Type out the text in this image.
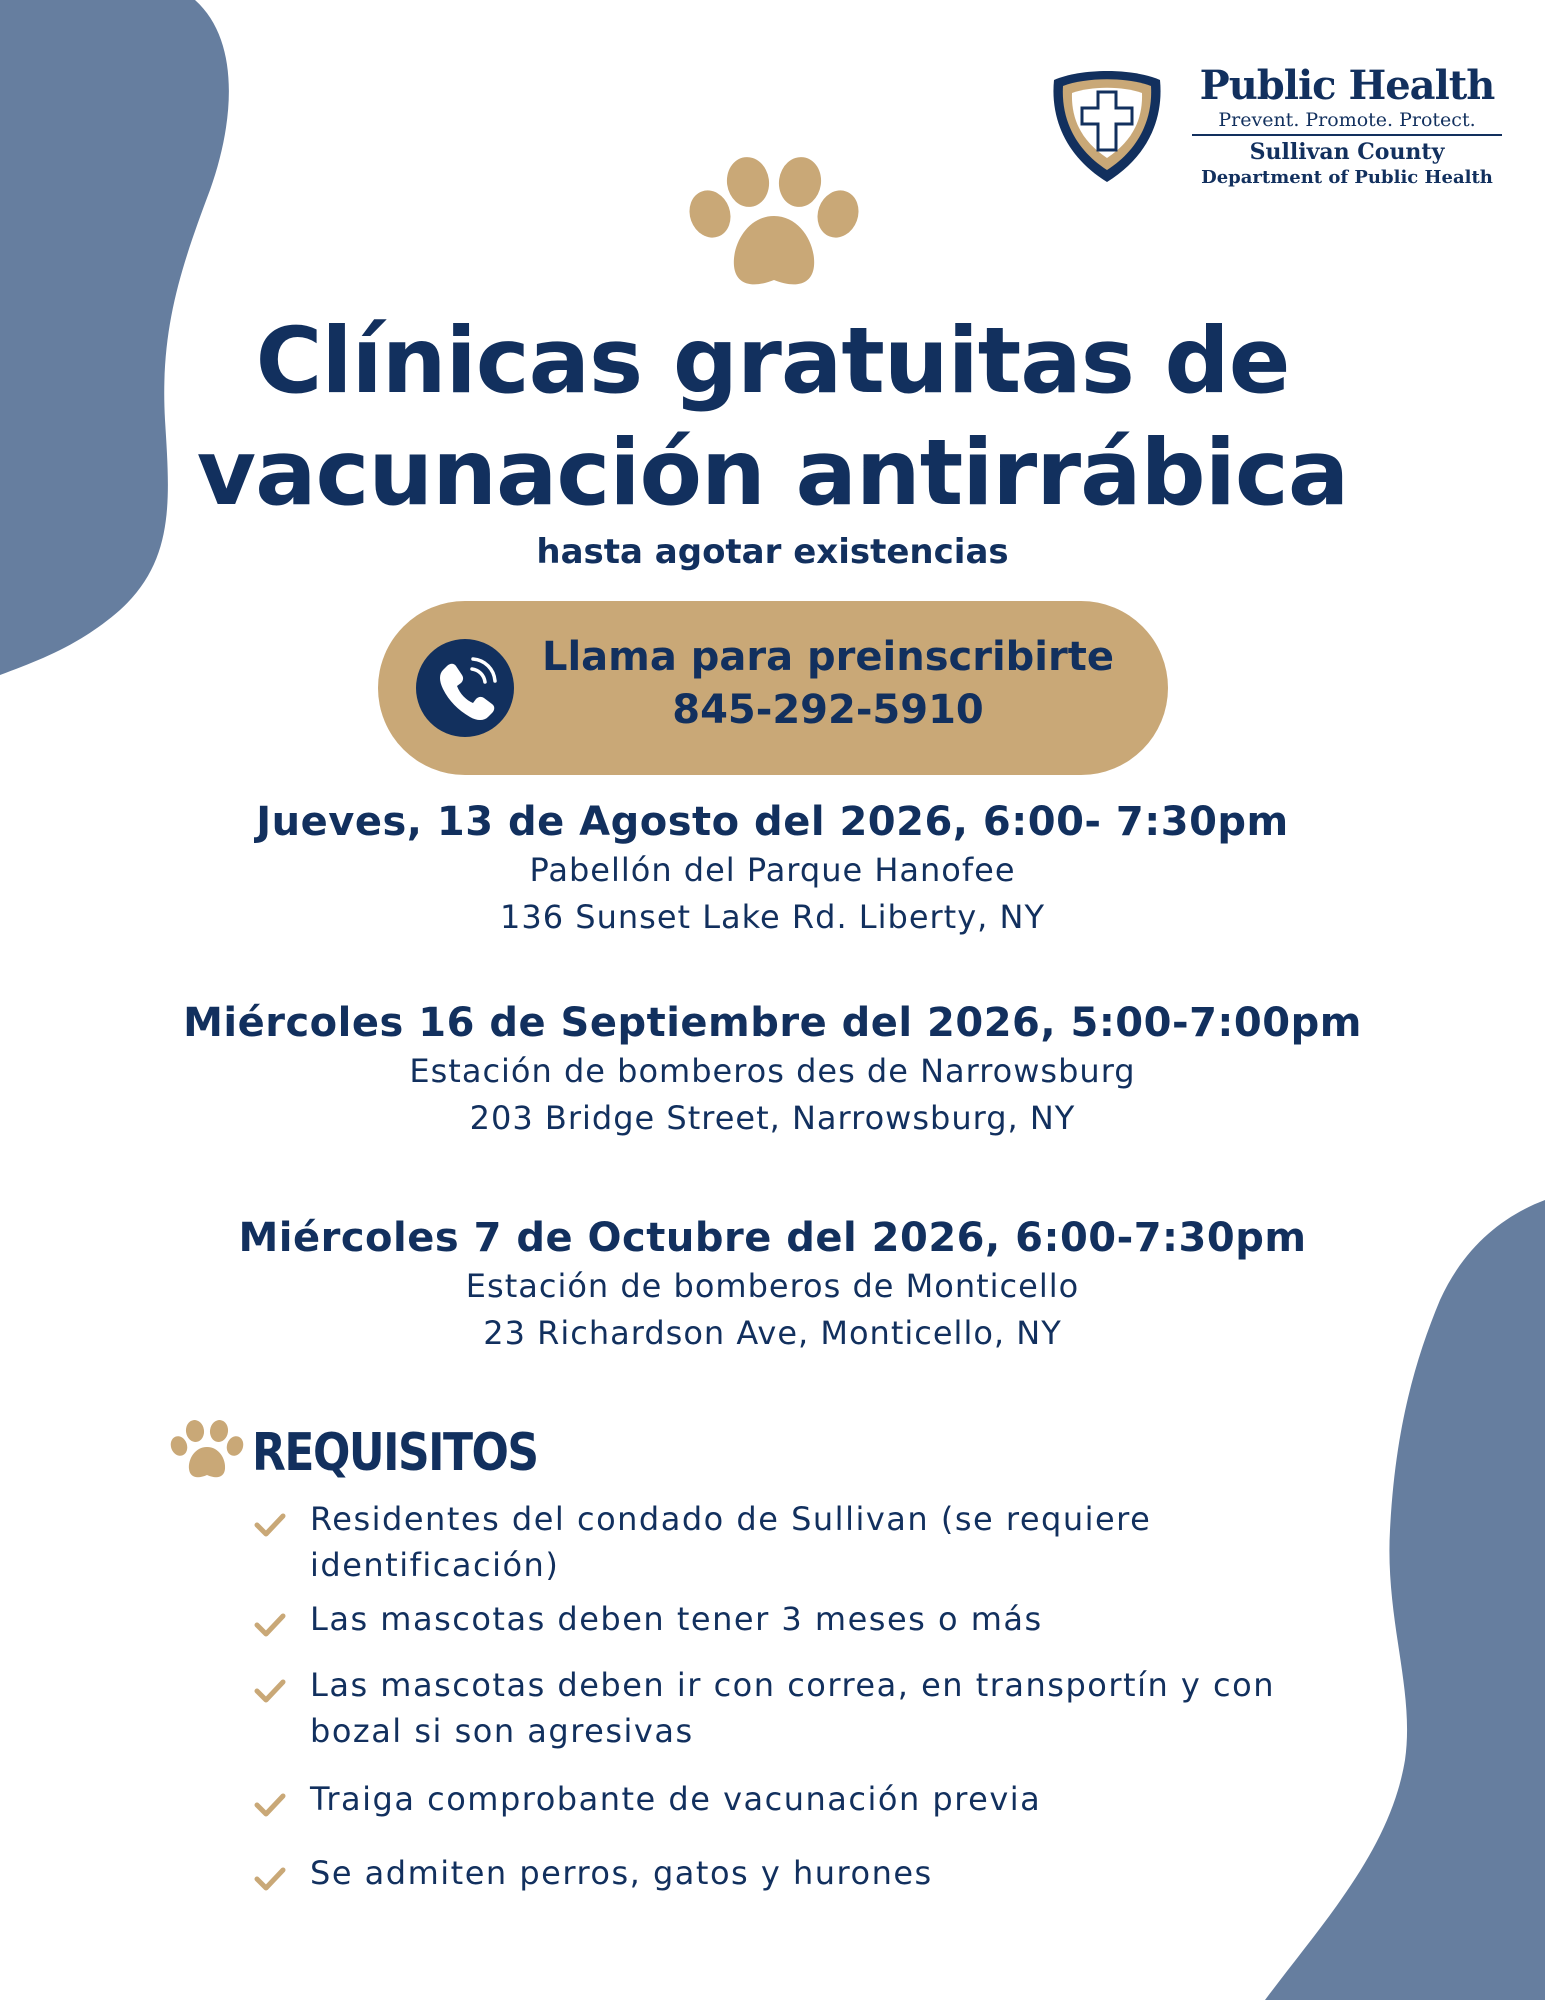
Public Health
Prevent. Promote. Protect.
Sullivan County
Department of Public Health
Clínicas gratuitas de
vacunación antirrábica
hasta agotar existencias
Llama para preinscribirte
845-292-5910
Jueves, 13 de Agosto del 2026, 6:00- 7:30pm
Pabellón del Parque Hanofee
136 Sunset Lake Rd. Liberty, NY
Miércoles 16 de Septiembre del 2026, 5:00-7:00pm
Estación de bomberos des de Narrowsburg
203 Bridge Street, Narrowsburg, NY
Miércoles 7 de Octubre del 2026, 6:00-7:30pm
Estación de bomberos de Monticello
23 Richardson Ave, Monticello, NY
REQUISITOS
Residentes del condado de Sullivan (se requiere
identificación)
Las mascotas deben tener 3 meses o más
Las mascotas deben ir con correa, en transportín y con
bozal si son agresivas
Traiga comprobante de vacunación previa
Se admiten perros, gatos y hurones
